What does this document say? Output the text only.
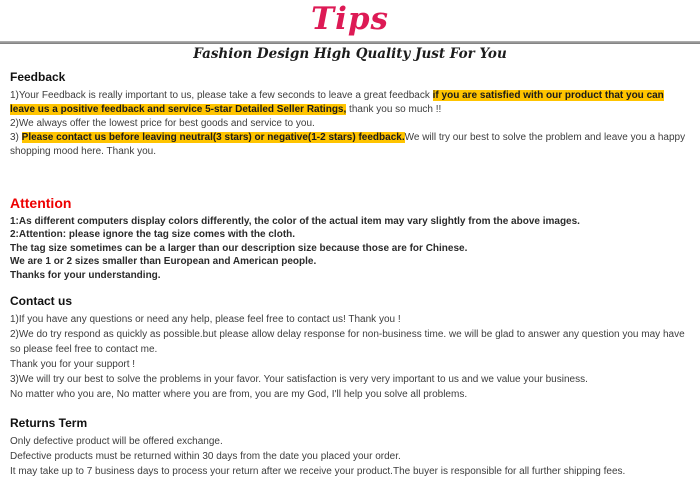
Tips
Fashion Design High Quality Just For You
Feedback

1)Your Feedback is really important to us, please take a few seconds to leave a great feedback if you are satisfied with our product that you can leave us a positive feedback and service 5-star Detailed Seller Ratings, thank you so much !!

2)We always offer the lowest price for best goods and service to you.

3) Please contact us before leaving neutral(3 stars) or negative(1-2 stars) feedback.We will try our best to solve the problem and leave you a happy shopping mood here. Thank you.

Attention

1:As different computers display colors differently, the color of the actual item may vary slightly from the above images.

2:Attention: please ignore the tag size comes with the cloth.

The tag size sometimes can be a larger than our description size because those are for Chinese.

We are 1 or 2 sizes smaller than European and American people.

Thanks for your understanding.

Contact us

1)If you have any questions or need any help, please feel free to contact us! Thank you !

2)We do try respond as quickly as possible.but please allow delay response for non-business time. we will be glad to answer any question you may have so please feel free to contact me.

Thank you for your support !

3)We will try our best to solve the problems in your favor. Your satisfaction is very very important to us and we value your business.

No matter who you are, No matter where you are from, you are my God, I'll help you solve all problems.

Returns Term

Only defective product will be offered exchange.

Defective products must be returned within 30 days from the date you placed your order.

It may take up to 7 business days to process your return after we receive your product.The buyer is responsible for all further shipping fees.
